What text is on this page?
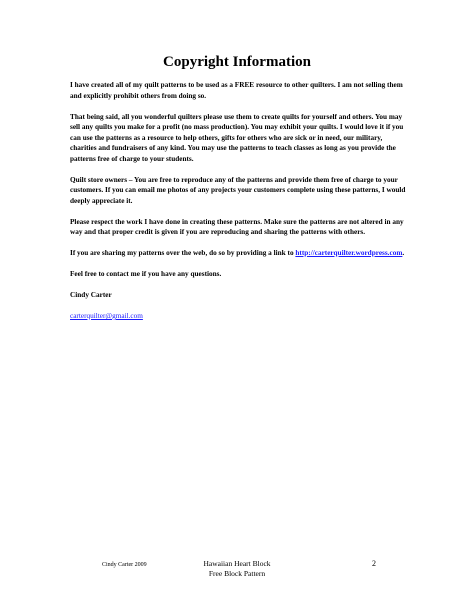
Copyright Information

I have created all of my quilt patterns to be used as a FREE resource to other quilters. I am not selling them and explicitly prohibit others from doing so.

That being said, all you wonderful quilters please use them to create quilts for yourself and others. You may sell any quilts you make for a profit (no mass production). You may exhibit your quilts. I would love it if you can use the patterns as a resource to help others, gifts for others who are sick or in need, our military, charities and fundraisers of any kind. You may use the patterns to teach classes as long as you provide the patterns free of charge to your students.

Quilt store owners – You are free to reproduce any of the patterns and provide them free of charge to your customers. If you can email me photos of any projects your customers complete using these patterns, I would deeply appreciate it.

Please respect the work I have done in creating these patterns. Make sure the patterns are not altered in any way and that proper credit is given if you are reproducing and sharing the patterns with others.

If you are sharing my patterns over the web, do so by providing a link to http://carterquilter.wordpress.com.

Feel free to contact me if you have any questions.

Cindy Carter

carterquilter@gmail.com

Cindy Carter 2009	Hawaiian Heart Block
Free Block Pattern
2
